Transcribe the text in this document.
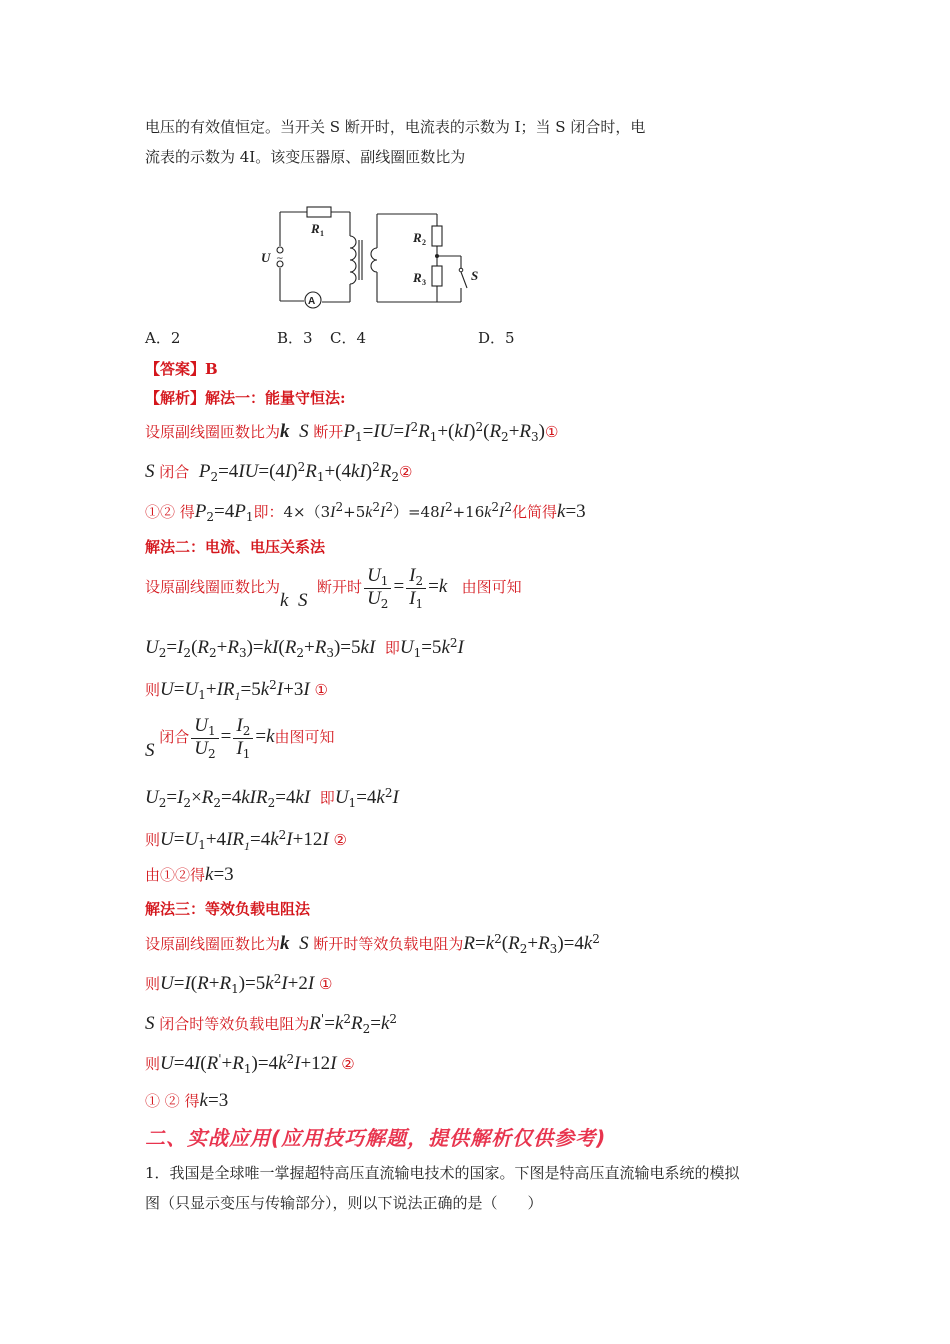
电压的有效值恒定。当开关 S 断开时，电流表的示数为 I；当 S 闭合时，电
流表的示数为 4I。该变压器原、副线圈匝数比为
U
R
R
R	S
1
2
3
A
~
A．2	B．3 C．4	D．5
【答案】B
【解析】解法一：能量守恒法:
设原副线圈匝数比为k S 断开$P_1=IU=I^2R_1+(kI)^2(R_2+R_3)①$
S 闭合 $P_2=4IU=(4I)^2R_1+(4kI)^2R_2②$
①② 得$P_2=4P_1$即：$4\times(3I^2+5k^2I^2)=48I^2+16k^2I^2$化简得k=3
解法二：电流、电压关系法
设原副线圈匝数比为k S  断开时 $\frac{U_1}{U_2} = \frac{I_2}{I_1} =k$ 由图可知
$U_2=I_2(R_2+R_3)=kI(R_2+R_3)=5kI$ 即$U_1=5k^2I$
则$U=U_1+IR_1=5k^2I+3I$ ①
S 闭合 $\frac{U_1}{U_2} = \frac{I_2}{I_1} =k$由图可知
$U_2=I_2\times R_2=4kIR_2=4kI$ 即$U_1=4k^2I$
则$U=U_1+4IR_1=4k^2I+12I$ ②
由①②得k=3
解法三：等效负载电阻法
设原副线圈匝数比为k S 断开时等效负载电阻为$R=k^2(R_2+R_3)=4k^2$
则$U=I(R+R_1)=5k^2I+2I$ ①
S 闭合时等效负载电阻为$R'=k^2R_2=k^2$
则$U=4I(R'+R_1)=4k^2I+12I$ ②
① ② 得k=3
二、实战应用(应用技巧解题，提供解析仅供参考)
1．我国是全球唯一掌握超特高压直流输电技术的国家。下图是特高压直流输电系统的模拟
图（只显示变压与传输部分），则以下说法正确的是（　　）
